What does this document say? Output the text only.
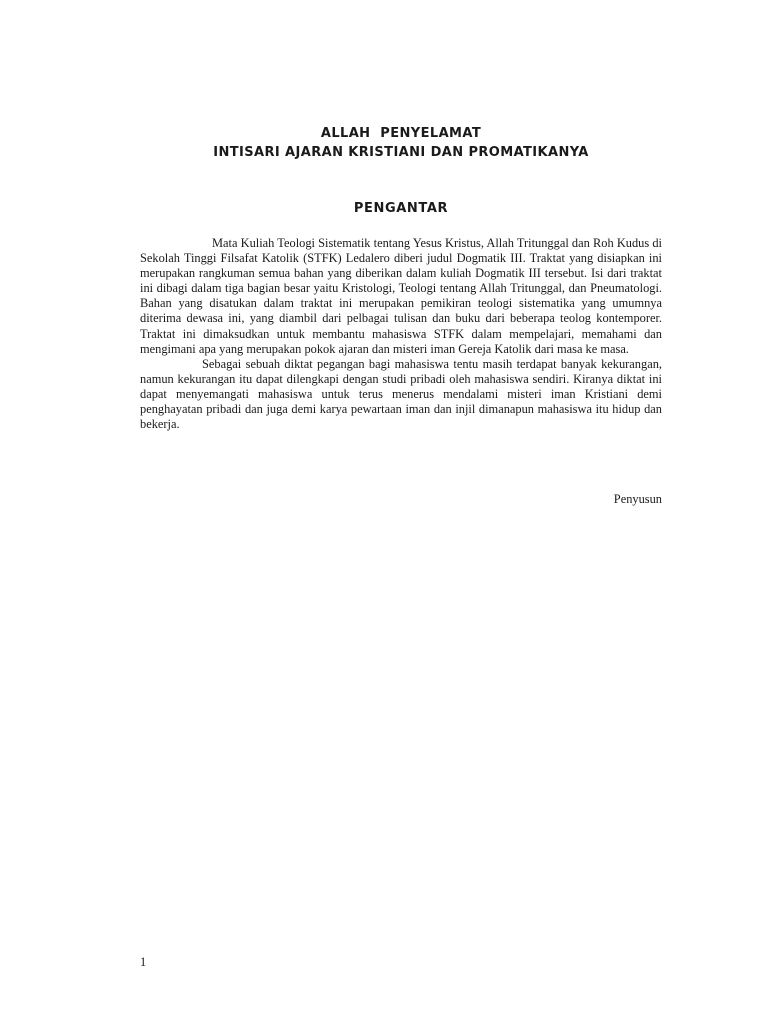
ALLAH  PENYELAMAT
INTISARI AJARAN KRISTIANI DAN PROMATIKANYA
PENGANTAR

Mata Kuliah Teologi Sistematik tentang Yesus Kristus, Allah Tritunggal dan Roh Kudus di Sekolah Tinggi Filsafat Katolik (STFK) Ledalero diberi judul Dogmatik III. Traktat yang disiapkan ini merupakan rangkuman semua bahan yang diberikan dalam kuliah Dogmatik III tersebut. Isi dari traktat ini dibagi dalam tiga bagian besar yaitu Kristologi, Teologi tentang Allah Tritunggal, dan Pneumatologi. Bahan yang disatukan dalam traktat ini merupakan pemikiran teologi sistematika yang umumnya diterima dewasa ini, yang diambil dari pelbagai tulisan dan buku dari beberapa teolog kontemporer. Traktat ini dimaksudkan untuk membantu mahasiswa STFK dalam mempelajari, memahami dan mengimani apa yang merupakan pokok ajaran dan misteri iman Gereja Katolik dari masa ke masa.

Sebagai sebuah diktat pegangan bagi mahasiswa tentu masih terdapat banyak kekurangan, namun kekurangan itu dapat dilengkapi dengan studi pribadi oleh mahasiswa sendiri. Kiranya diktat ini dapat menyemangati mahasiswa untuk terus menerus mendalami misteri iman Kristiani demi penghayatan pribadi dan juga demi karya pewartaan iman dan injil dimanapun mahasiswa itu hidup dan bekerja.

Penyusun
1
